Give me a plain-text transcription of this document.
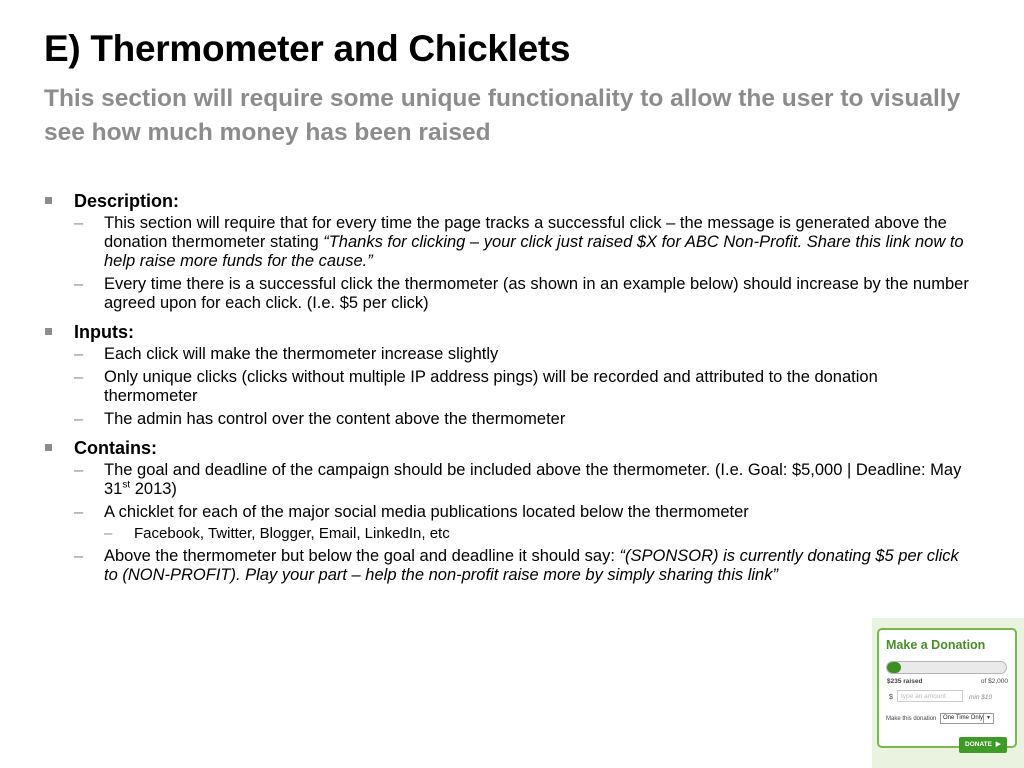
E) Thermometer and Chicklets

This section will require some unique functionality to allow the user to visually see how much money has been raised

Description:
– This section will require that for every time the page tracks a successful click – the message is generated above the donation thermometer stating “Thanks for clicking – your click just raised $X for ABC Non-Profit. Share this link now to help raise more funds for the cause.”
– Every time there is a successful click the thermometer (as shown in an example below) should increase by the number agreed upon for each click. (I.e. $5 per click)
Inputs:
– Each click will make the thermometer increase slightly
– Only unique clicks (clicks without multiple IP address pings) will be recorded and attributed to the donation thermometer
– The admin has control over the content above the thermometer
Contains:
– The goal and deadline of the campaign should be included above the thermometer. (I.e. Goal: $5,000 | Deadline: May 31st 2013)
– A chicklet for each of the major social media publications located below the thermometer
– Facebook, Twitter, Blogger, Email, LinkedIn, etc
– Above the thermometer but below the goal and deadline it should say: “(SPONSOR) is currently donating $5 per click to (NON-PROFIT). Play your part – help the non-profit raise more by simply sharing this link”
Make a Donation
$235 raised	of $2,000
$
type an amount	min $10
Make this donation	One Time Only ▼
DONATE ▶
